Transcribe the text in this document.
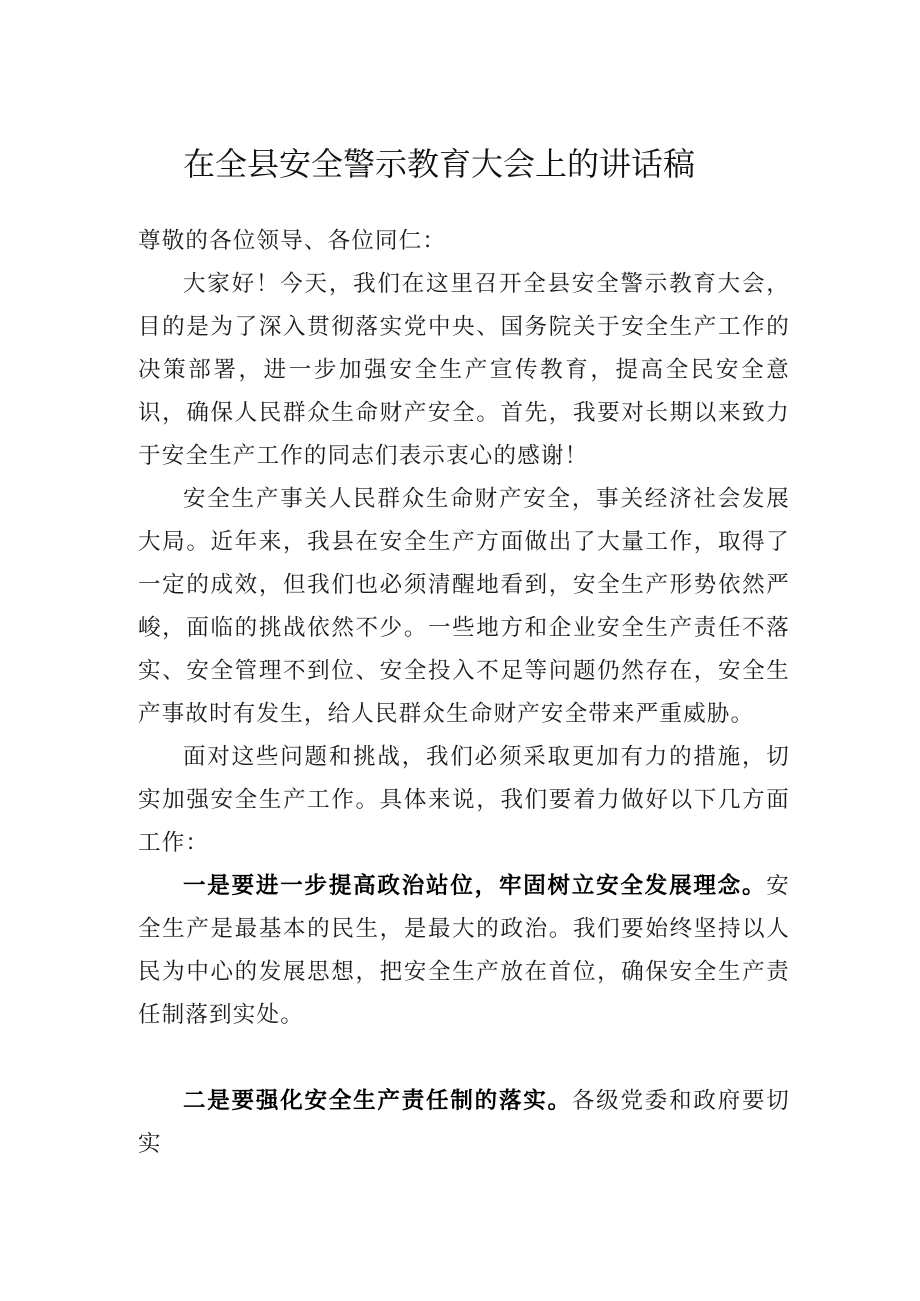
在全县安全警示教育大会上的讲话稿

尊敬的各位领导、各位同仁：

大家好！今天，我们在这里召开全县安全警示教育大会，目的是为了深入贯彻落实党中央、国务院关于安全生产工作的决策部署，进一步加强安全生产宣传教育，提高全民安全意识，确保人民群众生命财产安全。首先，我要对长期以来致力于安全生产工作的同志们表示衷心的感谢！

安全生产事关人民群众生命财产安全，事关经济社会发展大局。近年来，我县在安全生产方面做出了大量工作，取得了一定的成效，但我们也必须清醒地看到，安全生产形势依然严峻，面临的挑战依然不少。一些地方和企业安全生产责任不落实、安全管理不到位、安全投入不足等问题仍然存在，安全生产事故时有发生，给人民群众生命财产安全带来严重威胁。

面对这些问题和挑战，我们必须采取更加有力的措施，切实加强安全生产工作。具体来说，我们要着力做好以下几方面工作：

一是要进一步提高政治站位，牢固树立安全发展理念。安全生产是最基本的民生，是最大的政治。我们要始终坚持以人民为中心的发展思想，把安全生产放在首位，确保安全生产责任制落到实处。

二是要强化安全生产责任制的落实。各级党委和政府要切实
